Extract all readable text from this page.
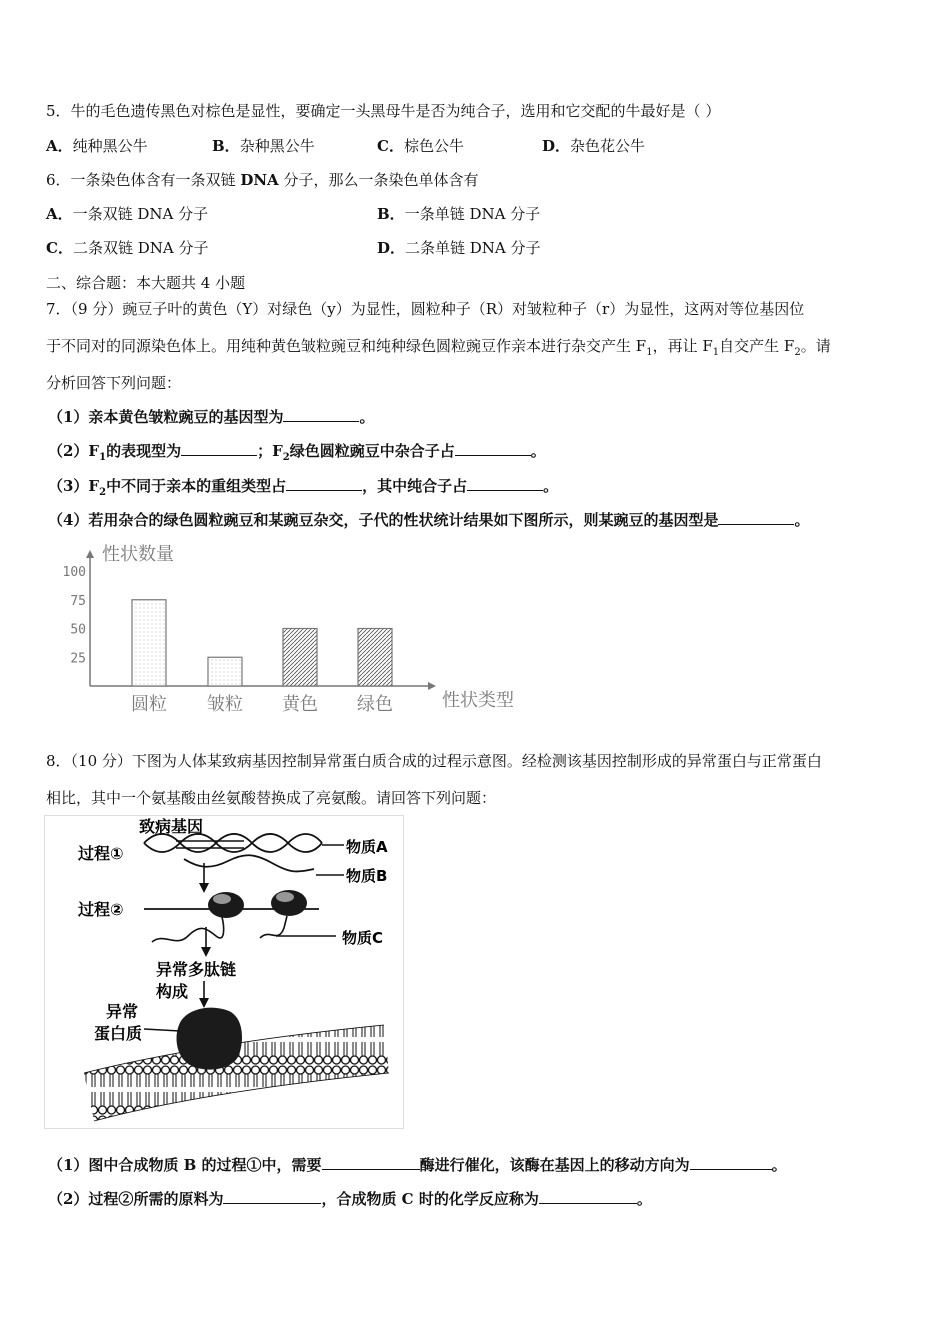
5．牛的毛色遗传黑色对棕色是显性，要确定一头黑母牛是否为纯合子，选用和它交配的牛最好是（ ）
A．纯种黑公牛	B．杂种黑公牛	C．棕色公牛	D．杂色花公牛
6．一条染色体含有一条双链 DNA 分子，那么一条染色单体含有
A．一条双链 DNA 分子	B．一条单链 DNA 分子
C．二条双链 DNA 分子	D．二条单链 DNA 分子
二、综合题：本大题共 4 小题
7．（9 分）豌豆子叶的黄色（Y）对绿色（y）为显性，圆粒种子（R）对皱粒种子（r）为显性，这两对等位基因位
于不同对的同源染色体上。用纯种黄色皱粒豌豆和纯种绿色圆粒豌豆作亲本进行杂交产生 $F_1$，再让 $F_1$自交产生 $F_2$。请
分析回答下列问题：
（1）亲本黄色皱粒豌豆的基因型为	。
$(2)F_1$的表现型为	；$F_2$绿色圆粒豌豆中杂合子占	。
$(3)F_2$中不同于亲本的重组类型占	，其中纯合子占	。
（4）若用杂合的绿色圆粒豌豆和某豌豆杂交，子代的性状统计结果如下图所示，则某豌豆的基因型是	。
性状数量
性状类型
100
75
50
25
圆粒 皱粒 黄色 绿色
8．（10 分）下图为人体某致病基因控制异常蛋白质合成的过程示意图。经检测该基因控制形成的异常蛋白与正常蛋白
相比，其中一个氨基酸由丝氨酸替换成了亮氨酸。请回答下列问题：
致病基因
过程①
过程②
物质A
物质B
物质C
异常多肽链
构成
异常
蛋白质
（1）图中合成物质 B 的过程①中，需要	酶进行催化，该酶在基因上的移动方向为	。
（2）过程②所需的原料为	，合成物质 C 时的化学反应称为	。
